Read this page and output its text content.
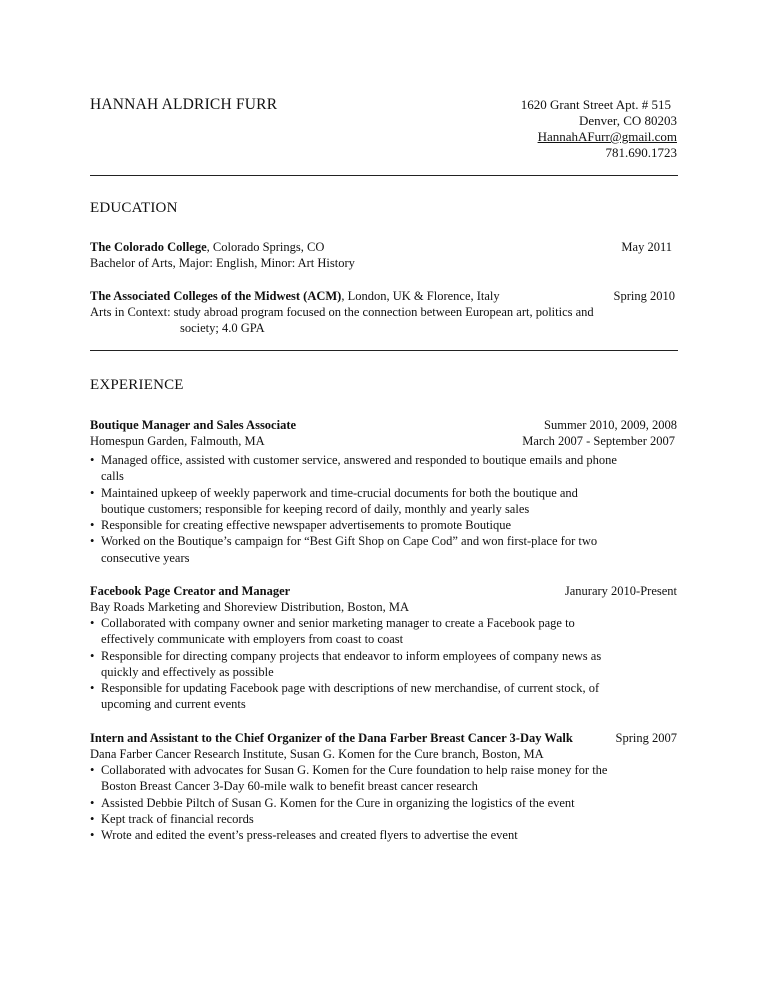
HANNAH ALDRICH FURR	1620 Grant Street Apt. # 515
Denver, CO 80203
HannahAFurr@gmail.com
781.690.1723
EDUCATION
The Colorado College, Colorado Springs, CO	May 2011
Bachelor of Arts, Major: English, Minor: Art History
The Associated Colleges of the Midwest (ACM), London, UK & Florence, Italy	Spring 2010
Arts in Context: study abroad program focused on the connection between European art, politics and
society; 4.0 GPA
EXPERIENCE
Boutique Manager and Sales Associate	Summer 2010, 2009, 2008
Homespun Garden, Falmouth, MA	March 2007 - September 2007
• Managed office, assisted with customer service, answered and responded to boutique emails and phone
calls
• Maintained upkeep of weekly paperwork and time-crucial documents for both the boutique and
boutique customers; responsible for keeping record of daily, monthly and yearly sales
• Responsible for creating effective newspaper advertisements to promote Boutique
• Worked on the Boutique’s campaign for “Best Gift Shop on Cape Cod” and won first-place for two
consecutive years
Facebook Page Creator and Manager	Janurary 2010-Present
Bay Roads Marketing and Shoreview Distribution, Boston, MA
• Collaborated with company owner and senior marketing manager to create a Facebook page to
effectively communicate with employers from coast to coast
• Responsible for directing company projects that endeavor to inform employees of company news as
quickly and effectively as possible
• Responsible for updating Facebook page with descriptions of new merchandise, of current stock, of
upcoming and current events
Intern and Assistant to the Chief Organizer of the Dana Farber Breast Cancer 3-Day Walk	Spring 2007
Dana Farber Cancer Research Institute, Susan G. Komen for the Cure branch, Boston, MA
• Collaborated with advocates for Susan G. Komen for the Cure foundation to help raise money for the
Boston Breast Cancer 3-Day 60-mile walk to benefit breast cancer research
• Assisted Debbie Piltch of Susan G. Komen for the Cure in organizing the logistics of the event
• Kept track of financial records
• Wrote and edited the event’s press-releases and created flyers to advertise the event
